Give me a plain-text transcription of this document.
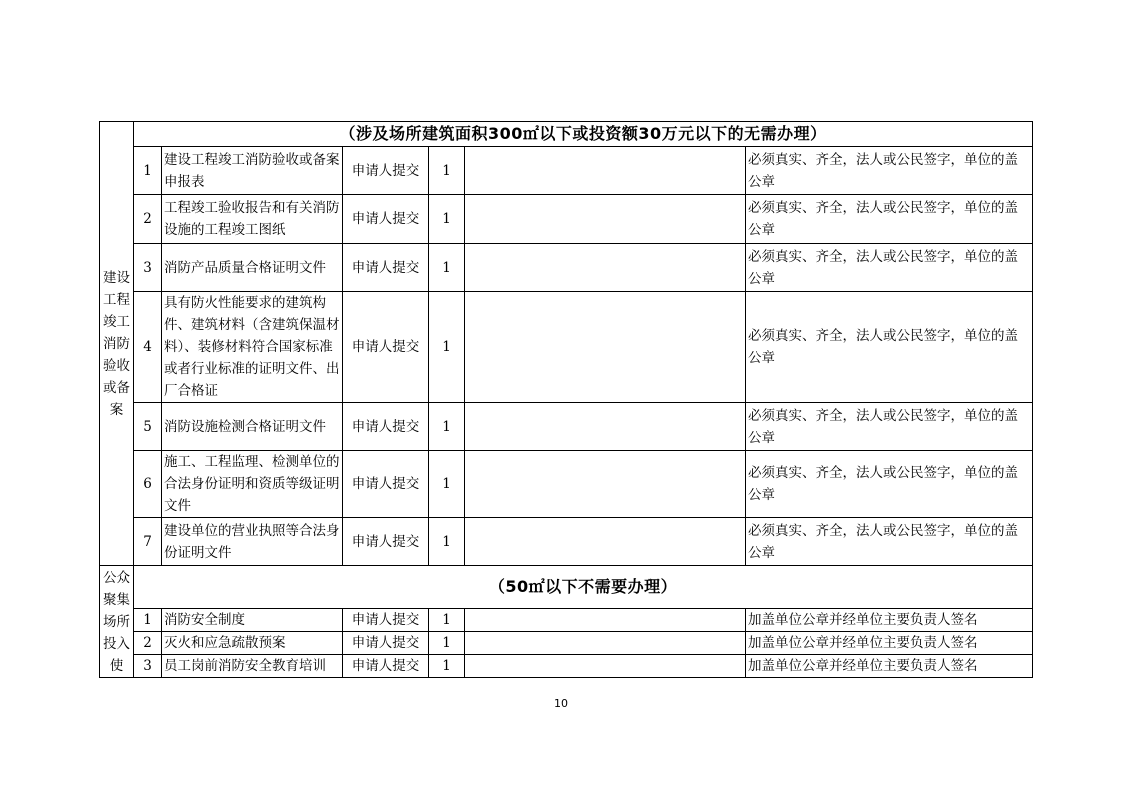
建设工程竣工消防验收或备案	（涉及场所建筑面积300㎡以下或投资额30万元以下的无需办理）					
	1	建设工程竣工消防验收或备案申报表	申请人提交	1		必须真实、齐全，法人或公民签字，单位的盖公章
	2	工程竣工验收报告和有关消防设施的工程竣工图纸	申请人提交	1		必须真实、齐全，法人或公民签字，单位的盖公章
	3	消防产品质量合格证明文件	申请人提交	1		必须真实、齐全，法人或公民签字，单位的盖公章
	4	具有防火性能要求的建筑构件、建筑材料（含建筑保温材料）、装修材料符合国家标准或者行业标准的证明文件、出厂合格证	申请人提交	1		必须真实、齐全，法人或公民签字，单位的盖公章
	5	消防设施检测合格证明文件	申请人提交	1		必须真实、齐全，法人或公民签字，单位的盖公章
	6	施工、工程监理、检测单位的合法身份证明和资质等级证明文件	申请人提交	1		必须真实、齐全，法人或公民签字，单位的盖公章
	7	建设单位的营业执照等合法身份证明文件	申请人提交	1		必须真实、齐全，法人或公民签字，单位的盖公章
公众聚集场所投入使	（50㎡以下不需要办理）					
	1	消防安全制度	申请人提交	1		加盖单位公章并经单位主要负责人签名
	2	灭火和应急疏散预案	申请人提交	1		加盖单位公章并经单位主要负责人签名
	3	员工岗前消防安全教育培训	申请人提交	1		加盖单位公章并经单位主要负责人签名
10
